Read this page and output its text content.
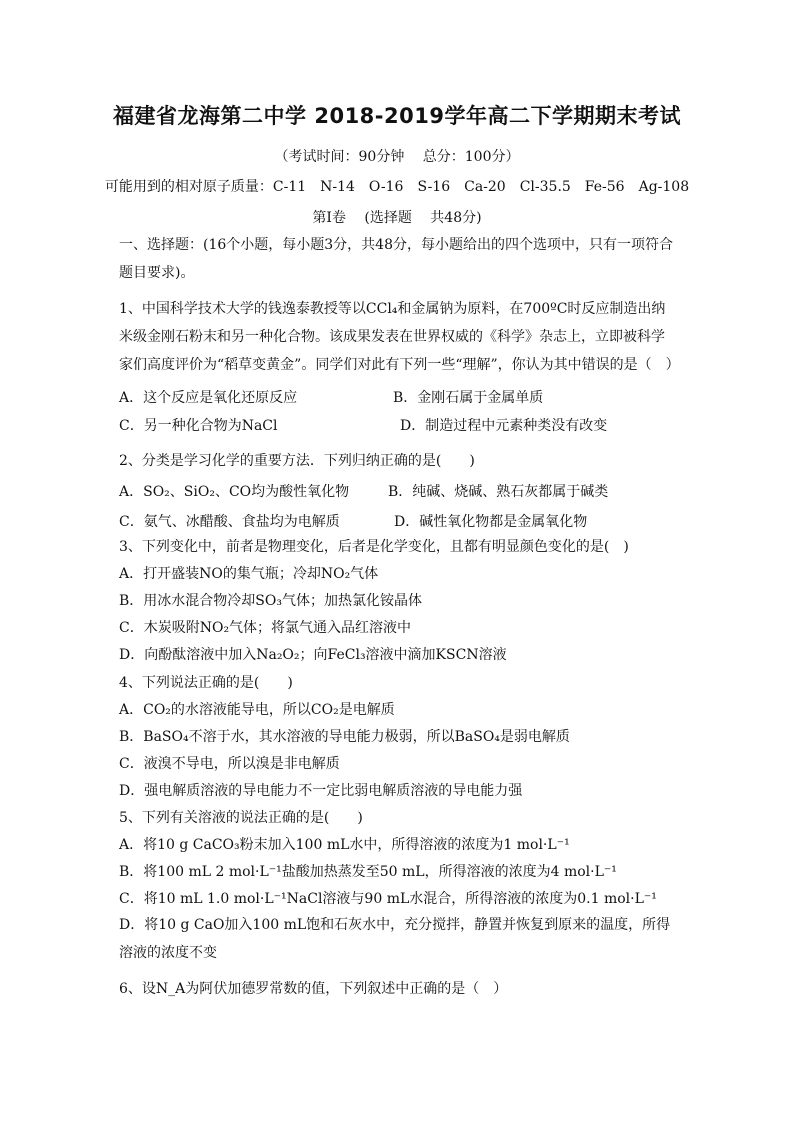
福建省龙海第二中学 2018-2019学年高二下学期期末考试
（考试时间：90分钟　 总分：100分）
可能用到的相对原子质量：C-11　N-14　O-16　S-16　Ca-20　Cl-35.5　Fe-56　Ag-108
第Ⅰ卷　 (选择题　 共48分)
一、选择题：(16个小题，每小题3分，共48分，每小题给出的四个选项中，只有一项符合题目要求)。
1、中国科学技术大学的钱逸泰教授等以CCl₄和金属钠为原料，在700ºC时反应制造出纳米级金刚石粉末和另一种化合物。该成果发表在世界权威的《科学》杂志上，立即被科学家们高度评价为“稻草变黄金”。同学们对此有下列一些“理解”，你认为其中错误的是（　）
A．这个反应是氧化还原反应	B．金刚石属于金属单质
C．另一种化合物为NaCl	D．制造过程中元素种类没有改变
2、分类是学习化学的重要方法．下列归纳正确的是(　　)
A．SO₂、SiO₂、CO均为酸性氧化物	B．纯碱、烧碱、熟石灰都属于碱类
C．氨气、冰醋酸、食盐均为电解质	D．碱性氧化物都是金属氧化物
3、下列变化中，前者是物理变化，后者是化学变化，且都有明显颜色变化的是(　)
A．打开盛装NO的集气瓶；冷却NO₂气体
B．用冰水混合物冷却SO₃气体；加热氯化铵晶体
C．木炭吸附NO₂气体；将氯气通入品红溶液中
D．向酚酞溶液中加入Na₂O₂；向FeCl₃溶液中滴加KSCN溶液
4、下列说法正确的是(　　)
A．CO₂的水溶液能导电，所以CO₂是电解质
B．BaSO₄不溶于水，其水溶液的导电能力极弱，所以BaSO₄是弱电解质
C．液溴不导电，所以溴是非电解质
D．强电解质溶液的导电能力不一定比弱电解质溶液的导电能力强
5、下列有关溶液的说法正确的是(　　)
A．将10 g CaCO₃粉末加入100 mL水中，所得溶液的浓度为1 mol·L⁻¹
B．将100 mL 2 mol·L⁻¹盐酸加热蒸发至50 mL，所得溶液的浓度为4 mol·L⁻¹
C．将10 mL 1.0 mol·L⁻¹NaCl溶液与90 mL水混合，所得溶液的浓度为0.1 mol·L⁻¹
D．将10 g CaO加入100 mL饱和石灰水中，充分搅拌，静置并恢复到原来的温度，所得溶液的浓度不变
6、设N_A为阿伏加德罗常数的值，下列叙述中正确的是（　）
